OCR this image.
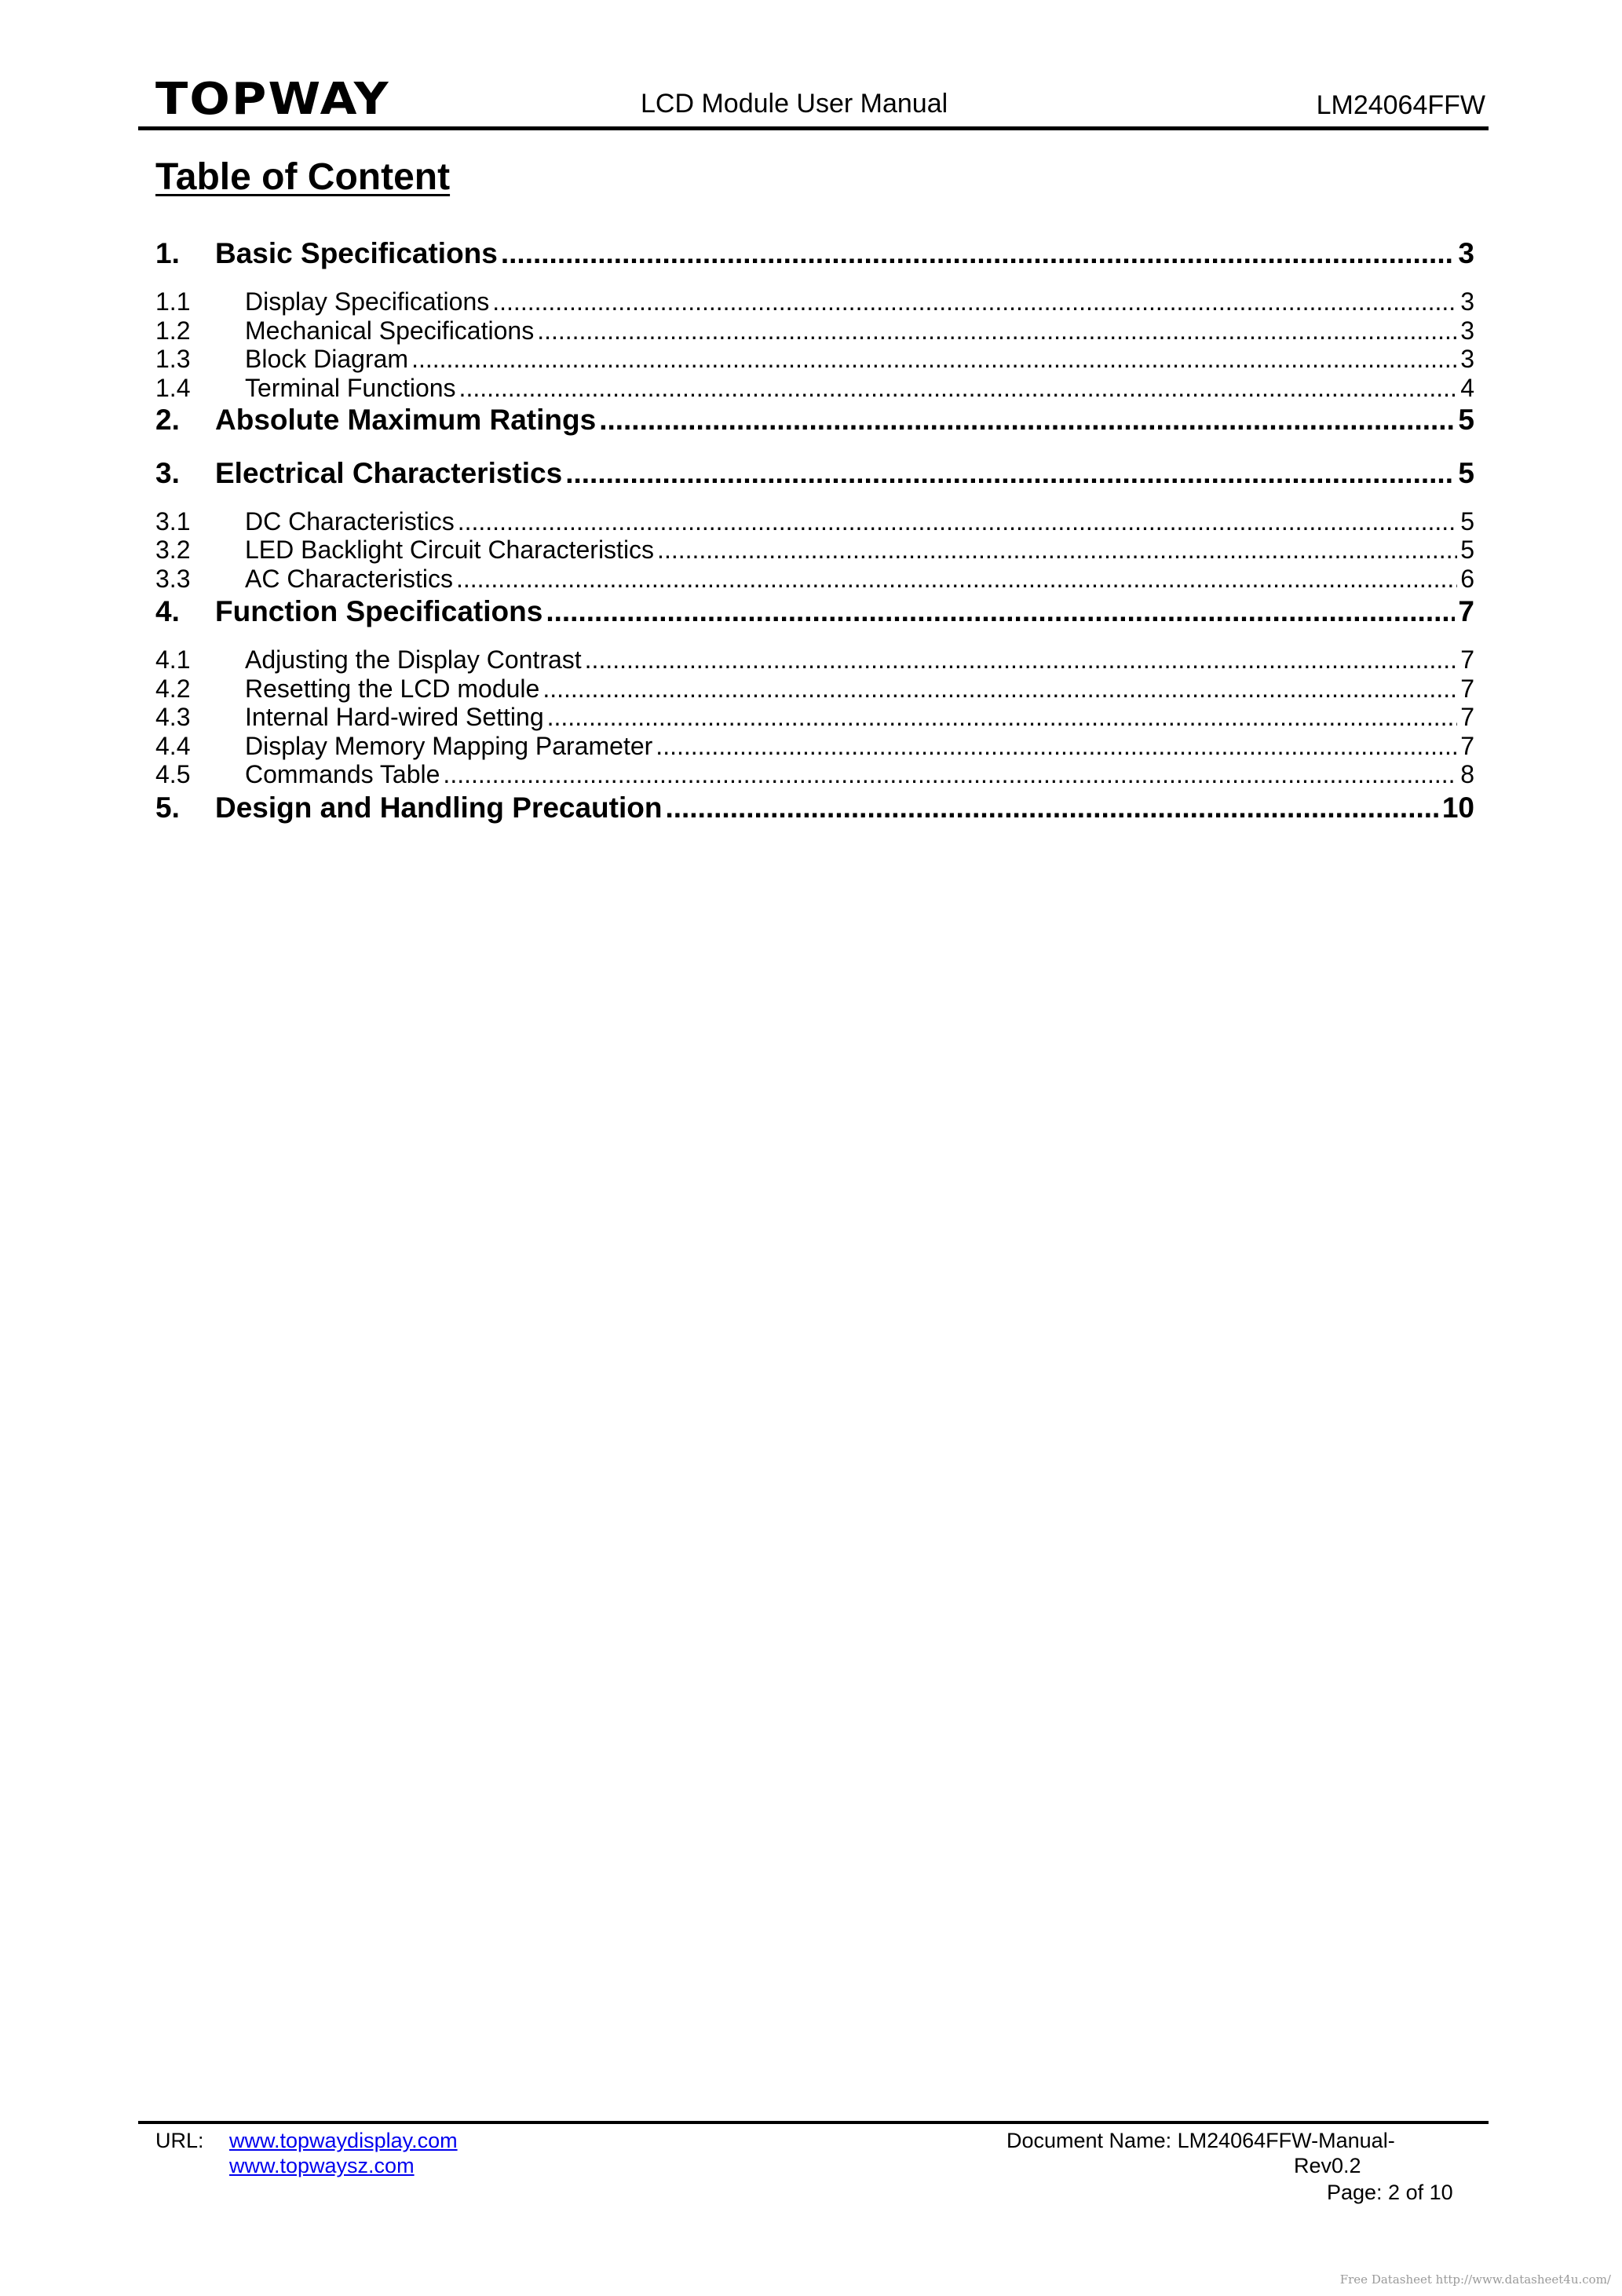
TOPWAY	LCD Module User Manual	LM24064FFW
Table of Content
1.	Basic Specifications .....	3
1.1	Display Specifications .....	3
1.2	Mechanical Specifications .....	3
1.3	Block Diagram .....	3
1.4	Terminal Functions .....	4
2.	Absolute Maximum Ratings .....	5
3.	Electrical Characteristics .....	5
3.1	DC Characteristics .....	5
3.2	LED Backlight Circuit Characteristics .....	5
3.3	AC Characteristics .....	6
4.	Function Specifications .....	7
4.1	Adjusting the Display Contrast .....	7
4.2	Resetting the LCD module .....	7
4.3	Internal Hard-wired Setting .....	7
4.4	Display Memory Mapping Parameter .....	7
4.5	Commands Table .....	8
5.	Design and Handling Precaution .....	10
URL: www.topwaydisplay.com
www.topwaysz.com
Document Name: LM24064FFW-Manual-
Rev0.2
Page: 2 of 10
Free Datasheet http://www.datasheet4u.com/
